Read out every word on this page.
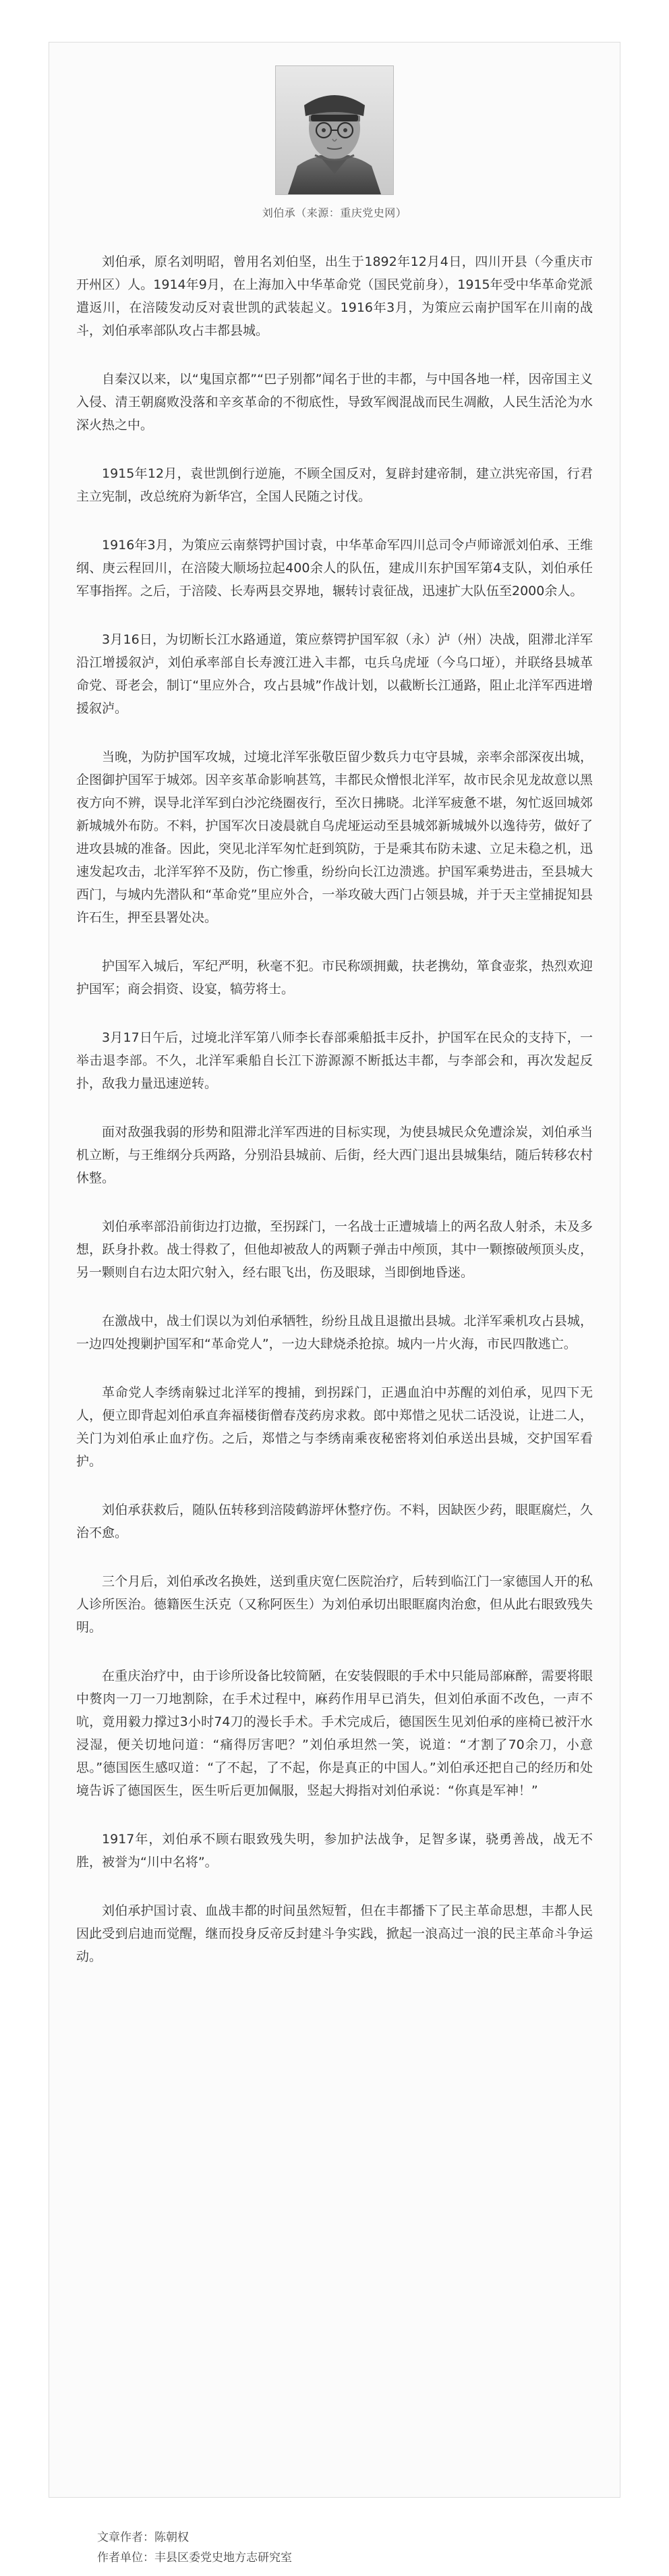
刘伯承（来源：重庆党史网）

刘伯承，原名刘明昭，曾用名刘伯坚，出生于1892年12月4日，四川开县（今重庆市开州区）人。1914年9月，在上海加入中华革命党（国民党前身），1915年受中华革命党派遣返川，在涪陵发动反对袁世凯的武装起义。1916年3月，为策应云南护国军在川南的战斗，刘伯承率部队攻占丰都县城。

自秦汉以来，以“鬼国京都”“巴子别都”闻名于世的丰都，与中国各地一样，因帝国主义入侵、清王朝腐败没落和辛亥革命的不彻底性，导致军阀混战而民生凋敝，人民生活沦为水深火热之中。

1915年12月，袁世凯倒行逆施，不顾全国反对，复辟封建帝制，建立洪宪帝国，行君主立宪制，改总统府为新华宫，全国人民随之讨伐。

1916年3月，为策应云南蔡锷护国讨袁，中华革命军四川总司令卢师谛派刘伯承、王维纲、庚云程回川，在涪陵大顺场拉起400余人的队伍，建成川东护国军第4支队，刘伯承任军事指挥。之后，于涪陵、长寿两县交界地，辗转讨袁征战，迅速扩大队伍至2000余人。

3月16日，为切断长江水路通道，策应蔡锷护国军叙（永）泸（州）决战，阻滞北洋军沿江增援叙泸，刘伯承率部自长寿渡江进入丰都，屯兵乌虎垭（今乌口垭），并联络县城革命党、哥老会，制订“里应外合，攻占县城”作战计划，以截断长江通路，阻止北洋军西进增援叙泸。

当晚，为防护国军攻城，过境北洋军张敬臣留少数兵力屯守县城，亲率余部深夜出城，企图御护国军于城郊。因辛亥革命影响甚笃，丰都民众憎恨北洋军，故市民余见龙故意以黑夜方向不辨，误导北洋军到白沙沱绕圈夜行，至次日拂晓。北洋军疲惫不堪，匆忙返回城郊新城城外布防。不料，护国军次日凌晨就自乌虎垭运动至县城郊新城城外以逸待劳，做好了进攻县城的准备。因此，突见北洋军匆忙赶到筑防，于是乘其布防未逮、立足未稳之机，迅速发起攻击，北洋军猝不及防，伤亡惨重，纷纷向长江边溃逃。护国军乘势进击，至县城大西门，与城内先潜队和“革命党”里应外合，一举攻破大西门占领县城，并于天主堂捕捉知县许石生，押至县署处决。

护国军入城后，军纪严明，秋毫不犯。市民称颂拥戴，扶老携幼，箪食壶浆，热烈欢迎护国军；商会捐资、设宴，犒劳将士。

3月17日午后，过境北洋军第八师李长春部乘船抵丰反扑，护国军在民众的支持下，一举击退李部。不久，北洋军乘船自长江下游源源不断抵达丰都，与李部会和，再次发起反扑，敌我力量迅速逆转。

面对敌强我弱的形势和阻滞北洋军西进的目标实现，为使县城民众免遭涂炭，刘伯承当机立断，与王维纲分兵两路，分别沿县城前、后街，经大西门退出县城集结，随后转移农村休整。

刘伯承率部沿前街边打边撤，至拐踩门，一名战士正遭城墙上的两名敌人射杀，未及多想，跃身扑救。战士得救了，但他却被敌人的两颗子弹击中颅顶，其中一颗擦破颅顶头皮，另一颗则自右边太阳穴射入，经右眼飞出，伤及眼球，当即倒地昏迷。

在激战中，战士们误以为刘伯承牺牲，纷纷且战且退撤出县城。北洋军乘机攻占县城，一边四处搜剿护国军和“革命党人”，一边大肆烧杀抢掠。城内一片火海，市民四散逃亡。

革命党人李绣南躲过北洋军的搜捕，到拐踩门，正遇血泊中苏醒的刘伯承，见四下无人，便立即背起刘伯承直奔福楼街僧春茂药房求救。郎中郑惜之见状二话没说，让进二人，关门为刘伯承止血疗伤。之后，郑惜之与李绣南乘夜秘密将刘伯承送出县城，交护国军看护。

刘伯承获救后，随队伍转移到涪陵鹤游坪休整疗伤。不料，因缺医少药，眼眶腐烂，久治不愈。

三个月后，刘伯承改名换姓，送到重庆宽仁医院治疗，后转到临江门一家德国人开的私人诊所医治。德籍医生沃克（又称阿医生）为刘伯承切出眼眶腐肉治愈，但从此右眼致残失明。

在重庆治疗中，由于诊所设备比较简陋，在安装假眼的手术中只能局部麻醉，需要将眼中赘肉一刀一刀地割除，在手术过程中，麻药作用早已消失，但刘伯承面不改色，一声不吭，竟用毅力撑过3小时74刀的漫长手术。手术完成后，德国医生见刘伯承的座椅已被汗水浸湿，便关切地问道：“痛得厉害吧？”刘伯承坦然一笑，说道：“才割了70余刀，小意思。”德国医生感叹道：“了不起，了不起，你是真正的中国人。”刘伯承还把自己的经历和处境告诉了德国医生，医生听后更加佩服，竖起大拇指对刘伯承说：“你真是军神！”

1917年，刘伯承不顾右眼致残失明，参加护法战争，足智多谋，骁勇善战，战无不胜，被誉为“川中名将”。

刘伯承护国讨袁、血战丰都的时间虽然短暂，但在丰都播下了民主革命思想，丰都人民因此受到启迪而觉醒，继而投身反帝反封建斗争实践，掀起一浪高过一浪的民主革命斗争运动。

文章作者：陈朝权
作者单位：丰县区委党史地方志研究室
